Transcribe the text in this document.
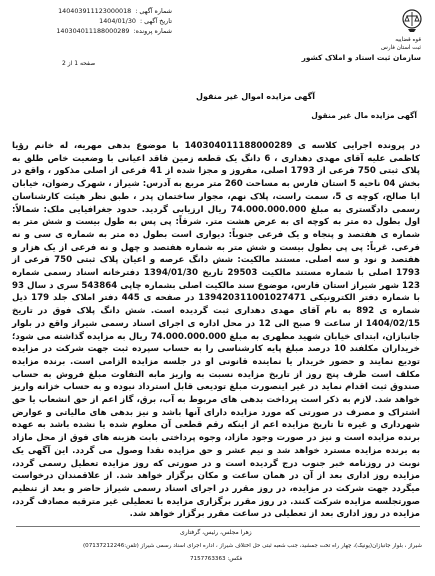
شماره آگهی :
140403911123000018
تاریخ آگهی :
1404/01/30
شماره پرونده:
140304011188000289
صفحه 1 از 2
قوه قضاییه
ثبت استان فارس
سازمان ثبت اسناد و املاک کشور
آگهی مزایده اموال غیر منقول
آگهی مزایده مال غیر منقول
در پرونده اجرایی کلاسه ی 140304011188000289 با موضوع بدهی مهریه، له خانم رؤیا کاظمی علیه آقای مهدی دهداری ، 6 دانگ یک قطعه زمین فاقد اعیانی با وضعیت خاص طلق به پلاک ثبتی 750 فرعی از 1793 اصلی، مفروز و مجزا شده از 41 فرعی از اصلی مذکور ، واقع در بخش 04 ناحیه 5 استان فارس به مساحت 260 متر مربع به آدرس: شیراز ، شهرک رضوان، خیابان ابا صالح، کوچه ی 5، سمت راست، پلاک نهم، مجوار ساختمان پدر ، طبق نظر هیئت کارشناسان رسمی دادگستری به مبلغ 74.000.000.000 ریال ارزیابی گردید. حدود جغرافیایی ملک: شمالاً: اول بطول ده متر به کوچه ای به عرض هشت متر. شرقاً: پی پس به طول بیست و شش متر به شماره ی هفتصد و پنجاه و یک فرعی جنوباً: دیواری است بطول ده متر به شماره ی سی و نه فرعی. غرباً: پی پی بطول بیست و شش متر به شماره هفتصد و چهل و نه فرعی از یک هزار و هفتصد و نود و سه اصلی. مستند مالکیت: شش دانگ عرصه و اعیان پلاک ثبتی 750 فرعی از 1793 اصلی با شماره مستند مالکیت 29503 تاریخ 1394/01/30 دفترخانه اسناد رسمی شماره 123 شهر شیراز استان فارس، موضوع سند مالکیت اصلی بشماره چاپی 543864 سری د سال 93 با شماره دفتر الکترونیکی 139420311001027471 در صفحه ی 445 دفتر املاک جلد 179 ذیل شماره ی 892 به نام آقای مهدی دهداری ثبت گردیده است. شش دانگ پلاک فوق در تاریخ 1404/02/15 از ساعت 9 صبح الی 12 در محل اداره ی اجرای اسناد رسمی شیراز واقع در بلوار جانبازان، ابتدای خیابان شهید مطهری به مبلغ 74.000.000.000 ریال به مزایده گذاشته می شود؛ خریداران مکلفند 10 درصد مبلغ پایه کارشناسی را به حساب سپرده ثبت جهت شرکت در مزایده تودیع نمایند و حضور خریدار یا نماینده قانونی او در جلسه مزایده الزامی است. برنده مزایده مکلف است ظرف پنج روز از تاریخ مزایده نسبت به واریز مابه التفاوت مبلغ فروش به حساب صندوق ثبت اقدام نماید در غیر اینصورت مبلغ تودیعی قابل استرداد نبوده و به حساب خزانه واریز خواهد شد. لازم به ذکر است پرداخت بدهی های مربوط به آب، برق، گاز اعم از حق انشعاب یا حق اشتراک و مصرف در صورتی که مورد مزایده دارای آنها باشد و نیز بدهی های مالیاتی و عوارض شهرداری و غیره تا تاریخ مزایده اعم از اینکه رقم قطعی آن معلوم شده یا نشده باشد به عهده برنده مزایده است و نیز در صورت وجود مازاد، وجوه پرداختی بابت هزینه های فوق از محل مازاد به برنده مزایده مسترد خواهد شد و نیم عشر و حق مزایده نقدا وصول می گردد. این آگهی یک نوبت در روزنامه خبر جنوب درج گردیده است و در صورتی که روز مزایده تعطیل رسمی گردد، مزایده روز اداری بعد از آن در همان ساعت و مکان برگزار خواهد شد. از علاقمندان درخواست میگردد جهت شرکت در مزایده، در روز مقرر در اجرای اسناد رسمی شیراز حاضر و بعد از تنظیم صورتجلسه مزایده شرکت کنند. در روز مقرر برگزاری مزایده با تعطیلی غیر مترقبه مصادف گردد، مزایده در روز اداری بعد از تعطیلی در ساعت مقرر برگزار خواهد شد.
زهرا مجلس، رئیس، گرفتاری
شیراز ، بلوار جانبازان(یونیک)، چهار راه تخت جمشید، جنب شعبه ثبتی حل اختلاف شیراز ، اداره اجرای اسناد رسمی شیراز (تلفن:07137212246)
فکس: 7157763363
